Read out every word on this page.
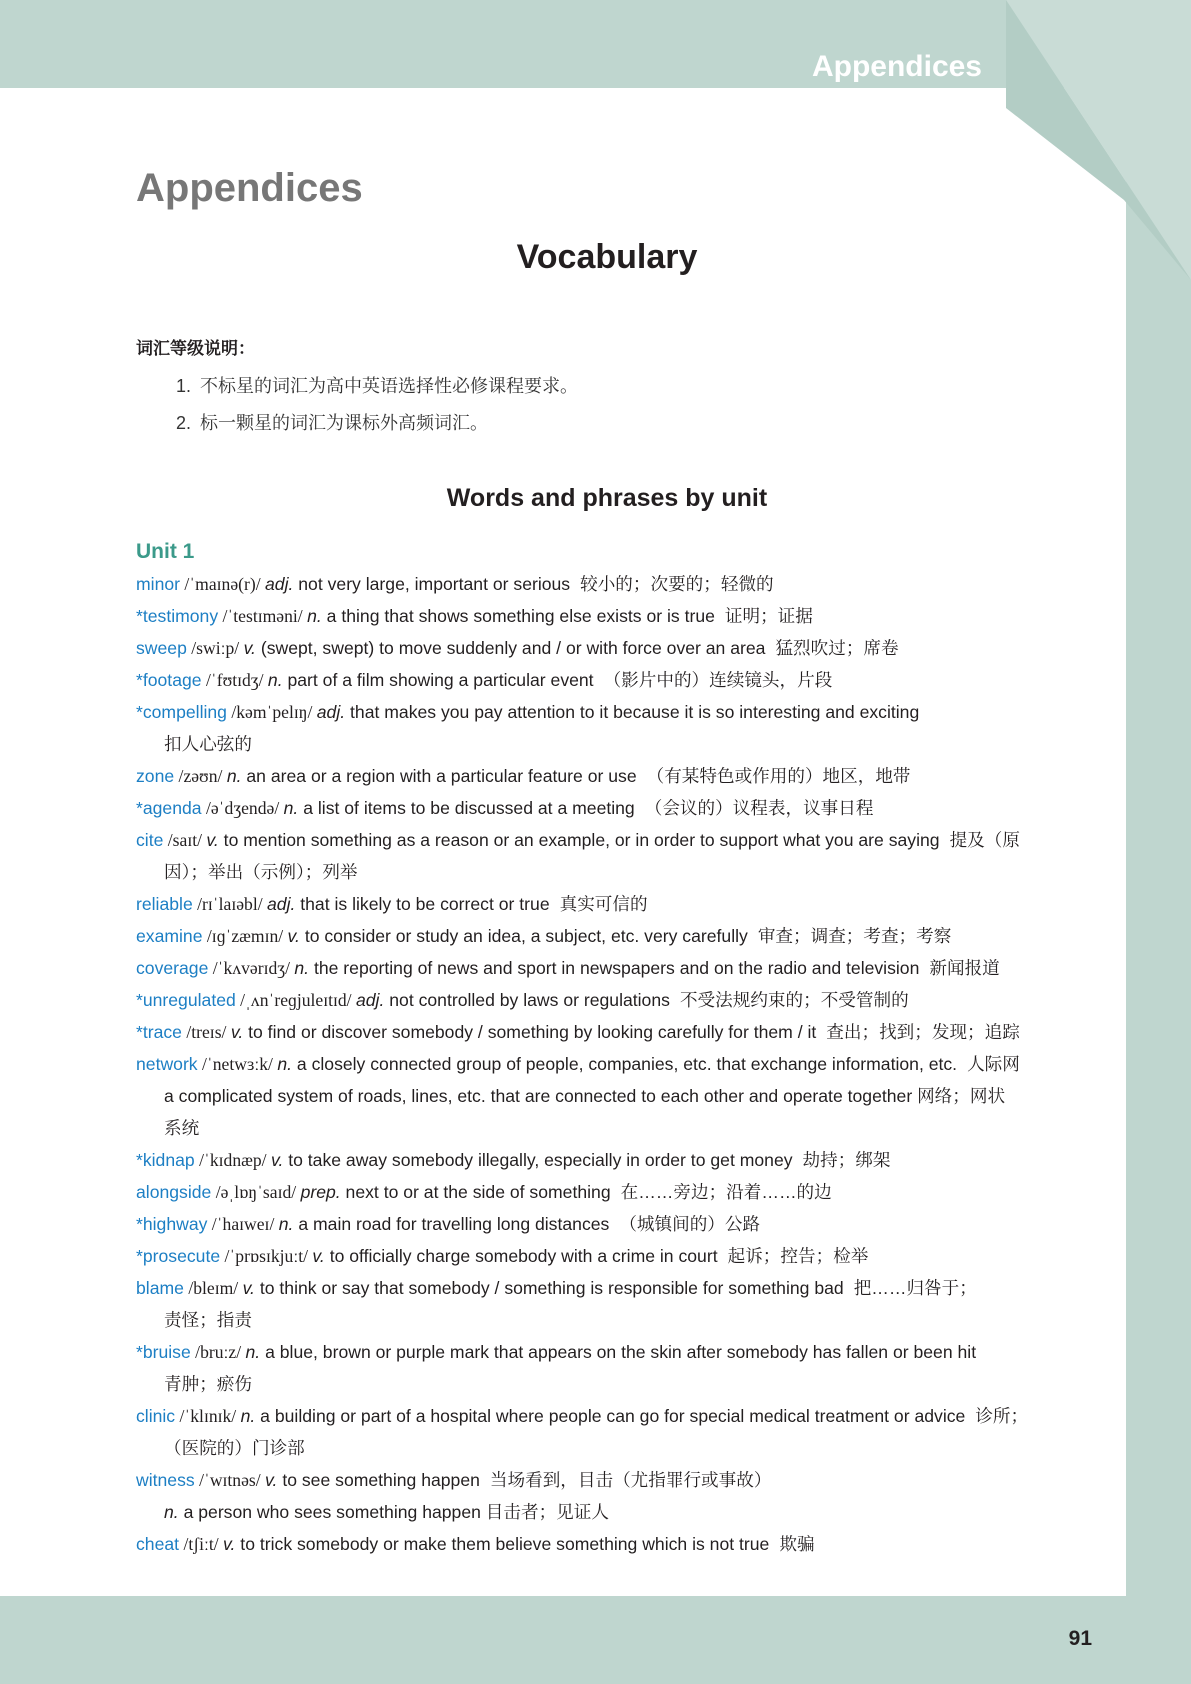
Appendices
Appendices
Vocabulary
词汇等级说明：
1. 不标星的词汇为高中英语选择性必修课程要求。
2. 标一颗星的词汇为课标外高频词汇。
Words and phrases by unit
Unit 1
minor /ˈmaɪnə(r)/ adj. not very large, important or serious 较小的；次要的；轻微的
*testimony /ˈtestɪməni/ n. a thing that shows something else exists or is true 证明；证据
sweep /swiːp/ v. (swept, swept) to move suddenly and / or with force over an area 猛烈吹过；席卷
*footage /ˈfʊtɪdʒ/ n. part of a film showing a particular event （影片中的）连续镜头，片段
*compelling /kəmˈpelɪŋ/ adj. that makes you pay attention to it because it is so interesting and exciting
扣人心弦的
zone /zəʊn/ n. an area or a region with a particular feature or use （有某特色或作用的）地区，地带
*agenda /əˈdʒendə/ n. a list of items to be discussed at a meeting （会议的）议程表，议事日程
cite /saɪt/ v. to mention something as a reason or an example, or in order to support what you are saying 提及（原
因）；举出（示例）；列举
reliable /rɪˈlaɪəbl/ adj. that is likely to be correct or true 真实可信的
examine /ɪɡˈzæmɪn/ v. to consider or study an idea, a subject, etc. very carefully 审查；调查；考查；考察
coverage /ˈkʌvərɪdʒ/ n. the reporting of news and sport in newspapers and on the radio and television 新闻报道
*unregulated /ˌʌnˈreɡjuleɪtɪd/ adj. not controlled by laws or regulations 不受法规约束的；不受管制的
*trace /treɪs/ v. to find or discover somebody / something by looking carefully for them / it 查出；找到；发现；追踪
network /ˈnetwɜːk/ n. a closely connected group of people, companies, etc. that exchange information, etc. 人际网
a complicated system of roads, lines, etc. that are connected to each other and operate together 网络；网状
系统
*kidnap /ˈkɪdnæp/ v. to take away somebody illegally, especially in order to get money 劫持；绑架
alongside /əˌlɒŋˈsaɪd/ prep. next to or at the side of something 在……旁边；沿着……的边
*highway /ˈhaɪweɪ/ n. a main road for travelling long distances （城镇间的）公路
*prosecute /ˈprɒsɪkjuːt/ v. to officially charge somebody with a crime in court 起诉；控告；检举
blame /bleɪm/ v. to think or say that somebody / something is responsible for something bad 把……归咎于；
责怪；指责
*bruise /bruːz/ n. a blue, brown or purple mark that appears on the skin after somebody has fallen or been hit
青肿；瘀伤
clinic /ˈklɪnɪk/ n. a building or part of a hospital where people can go for special medical treatment or advice 诊所；
（医院的）门诊部
witness /ˈwɪtnəs/ v. to see something happen 当场看到，目击（尤指罪行或事故）
n. a person who sees something happen 目击者；见证人
cheat /tʃiːt/ v. to trick somebody or make them believe something which is not true 欺骗
91
